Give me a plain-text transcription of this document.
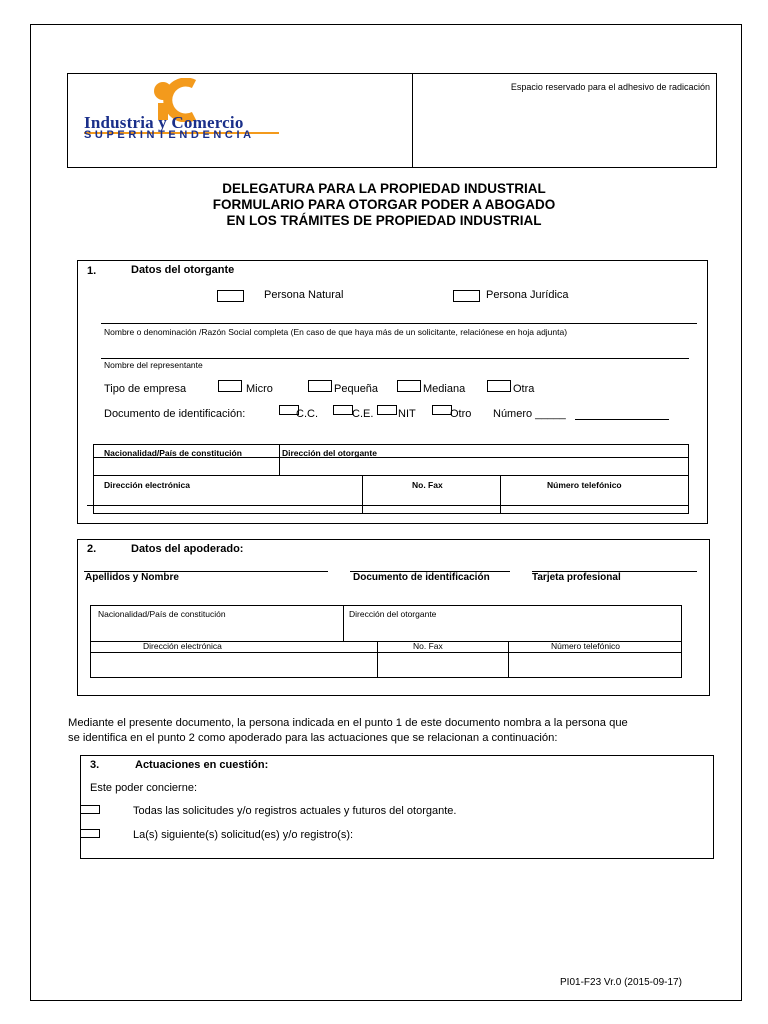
Espacio reservado para el adhesivo de radicación
Industria y Comercio
SUPERINTENDENCIA
DELEGATURA PARA LA PROPIEDAD INDUSTRIAL
FORMULARIO PARA OTORGAR PODER A ABOGADO
EN LOS TRÁMITES DE PROPIEDAD INDUSTRIAL
1.	Datos del otorgante
Persona Natural	Persona Jurídica
Nombre o denominación /Razón Social completa (En caso de que haya más de un solicitante, relaciónese en hoja adjunta)
Nombre del representante
Tipo de empresa	Micro	Pequeña	Mediana	Otra
Documento de identificación:	C.C.	C.E. NIT	Otro Número _____
Nacionalidad/País de constitución	Dirección del otorgante
Dirección electrónica	No. Fax	Número telefónico
2.	Datos del apoderado:
Apellidos y Nombre	Documento de identificación	Tarjeta profesional
Nacionalidad/País de constitución	Dirección del otorgante
Dirección electrónica	No. Fax	Número telefónico
Mediante el presente documento, la persona indicada en el punto 1 de este documento nombra a la persona que
se identifica en el punto 2 como apoderado para las actuaciones que se relacionan a continuación:
3.	Actuaciones en cuestión:
Este poder concierne:
Todas las solicitudes y/o registros actuales y futuros del otorgante.
La(s) siguiente(s) solicitud(es) y/o registro(s):
PI01-F23 Vr.0 (2015-09-17)
